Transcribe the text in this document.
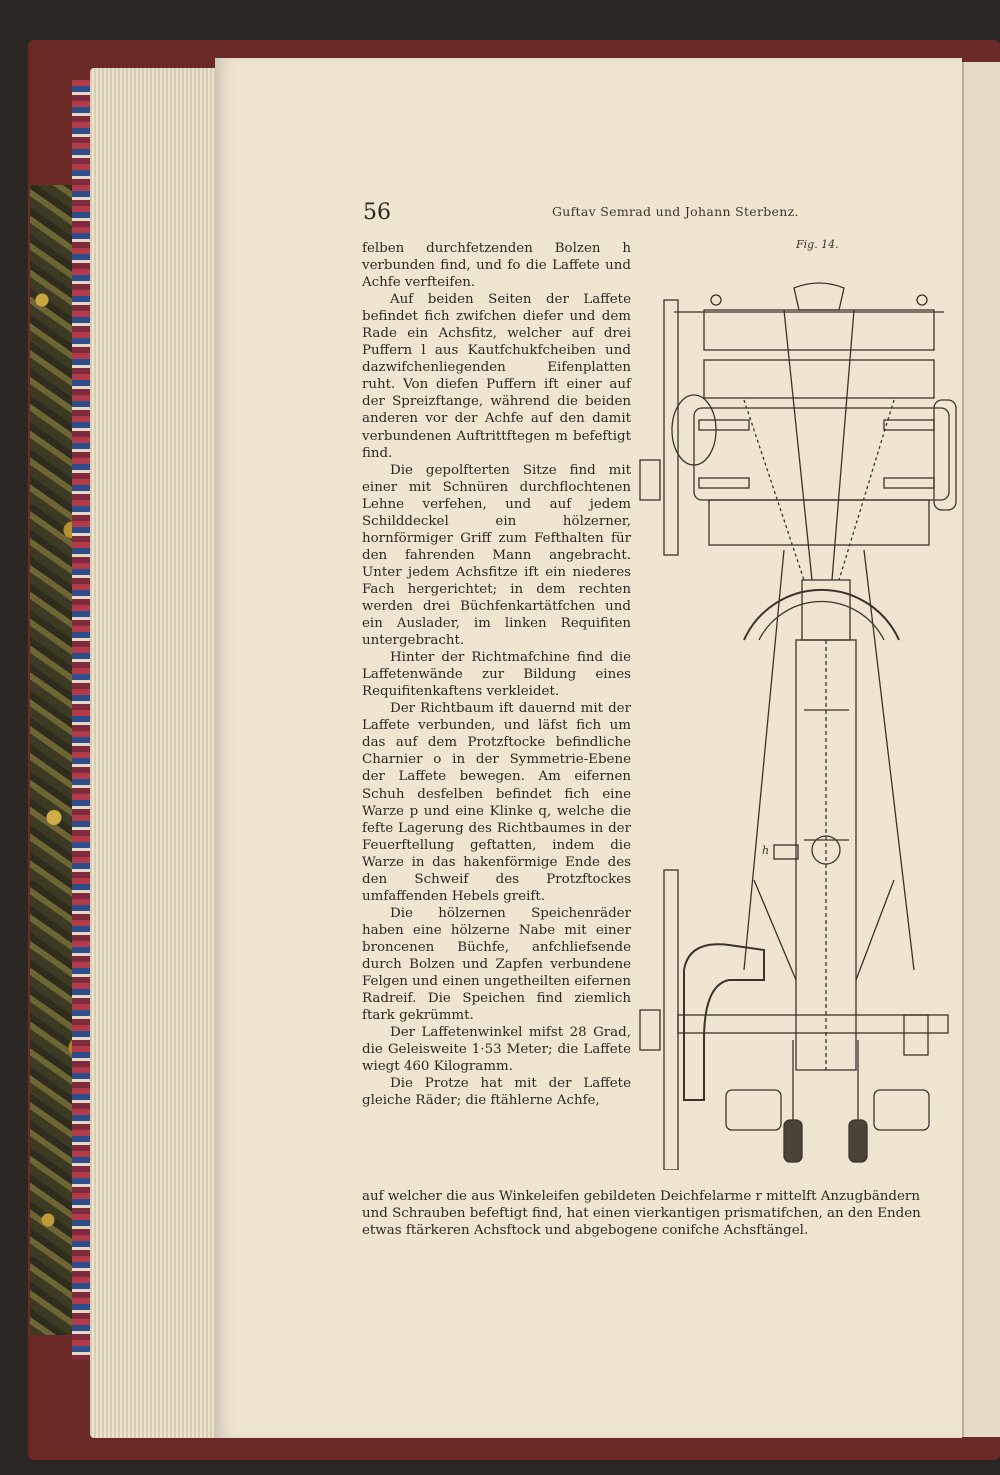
56	Guftav Semrad und Johann Sterbenz.
Fig. 14.

felben durchfetzenden Bolzen h verbunden find, und fo die Laffete und Achfe verfteifen.

Auf beiden Seiten der Laffete befindet fich zwifchen diefer und dem Rade ein Achsfitz, welcher auf drei Puffern l aus Kautfchukfcheiben und dazwifchenliegenden Eifenplatten ruht. Von diefen Puffern ift einer auf der Spreizftange, während die beiden anderen vor der Achfe auf den damit verbundenen Auftrittftegen m befeftigt find.

Die gepolfterten Sitze find mit einer mit Schnüren durchflochtenen Lehne verfehen, und auf jedem Schilddeckel ein hölzerner, hornförmiger Griff zum Fefthalten für den fahrenden Mann angebracht. Unter jedem Achsfitze ift ein niederes Fach hergerichtet; in dem rechten werden drei Büchfenkartätfchen und ein Auslader, im linken Requifiten untergebracht.

Hinter der Richtmafchine find die Laffetenwände zur Bildung eines Requifitenkaftens verkleidet.

Der Richtbaum ift dauernd mit der Laffete verbunden, und läfst fich um das auf dem Protzftocke befindliche Charnier o in der Symmetrie-Ebene der Laffete bewegen. Am eifernen Schuh desfelben befindet fich eine Warze p und eine Klinke q, welche die fefte Lagerung des Richtbaumes in der Feuerftellung geftatten, indem die Warze in das hakenförmige Ende des den Schweif des Protzftockes umfaffenden Hebels greift.

Die hölzernen Speichenräder haben eine hölzerne Nabe mit einer broncenen Büchfe, anfchliefsende durch Bolzen und Zapfen verbundene Felgen und einen ungetheilten eifernen Radreif. Die Speichen find ziemlich ftark gekrümmt.

Der Laffetenwinkel mifst 28 Grad, die Geleisweite 1·53 Meter; die Laffete wiegt 460 Kilogramm.

Die Protze hat mit der Laffete gleiche Räder; die ftählerne Achfe,

auf welcher die aus Winkeleifen gebildeten Deichfelarme r mittelft Anzugbändern
und Schrauben befeftigt find, hat einen vierkantigen prismatifchen, an den Enden
etwas ftärkeren Achsftock und abgebogene conifche Achsftängel.
h
